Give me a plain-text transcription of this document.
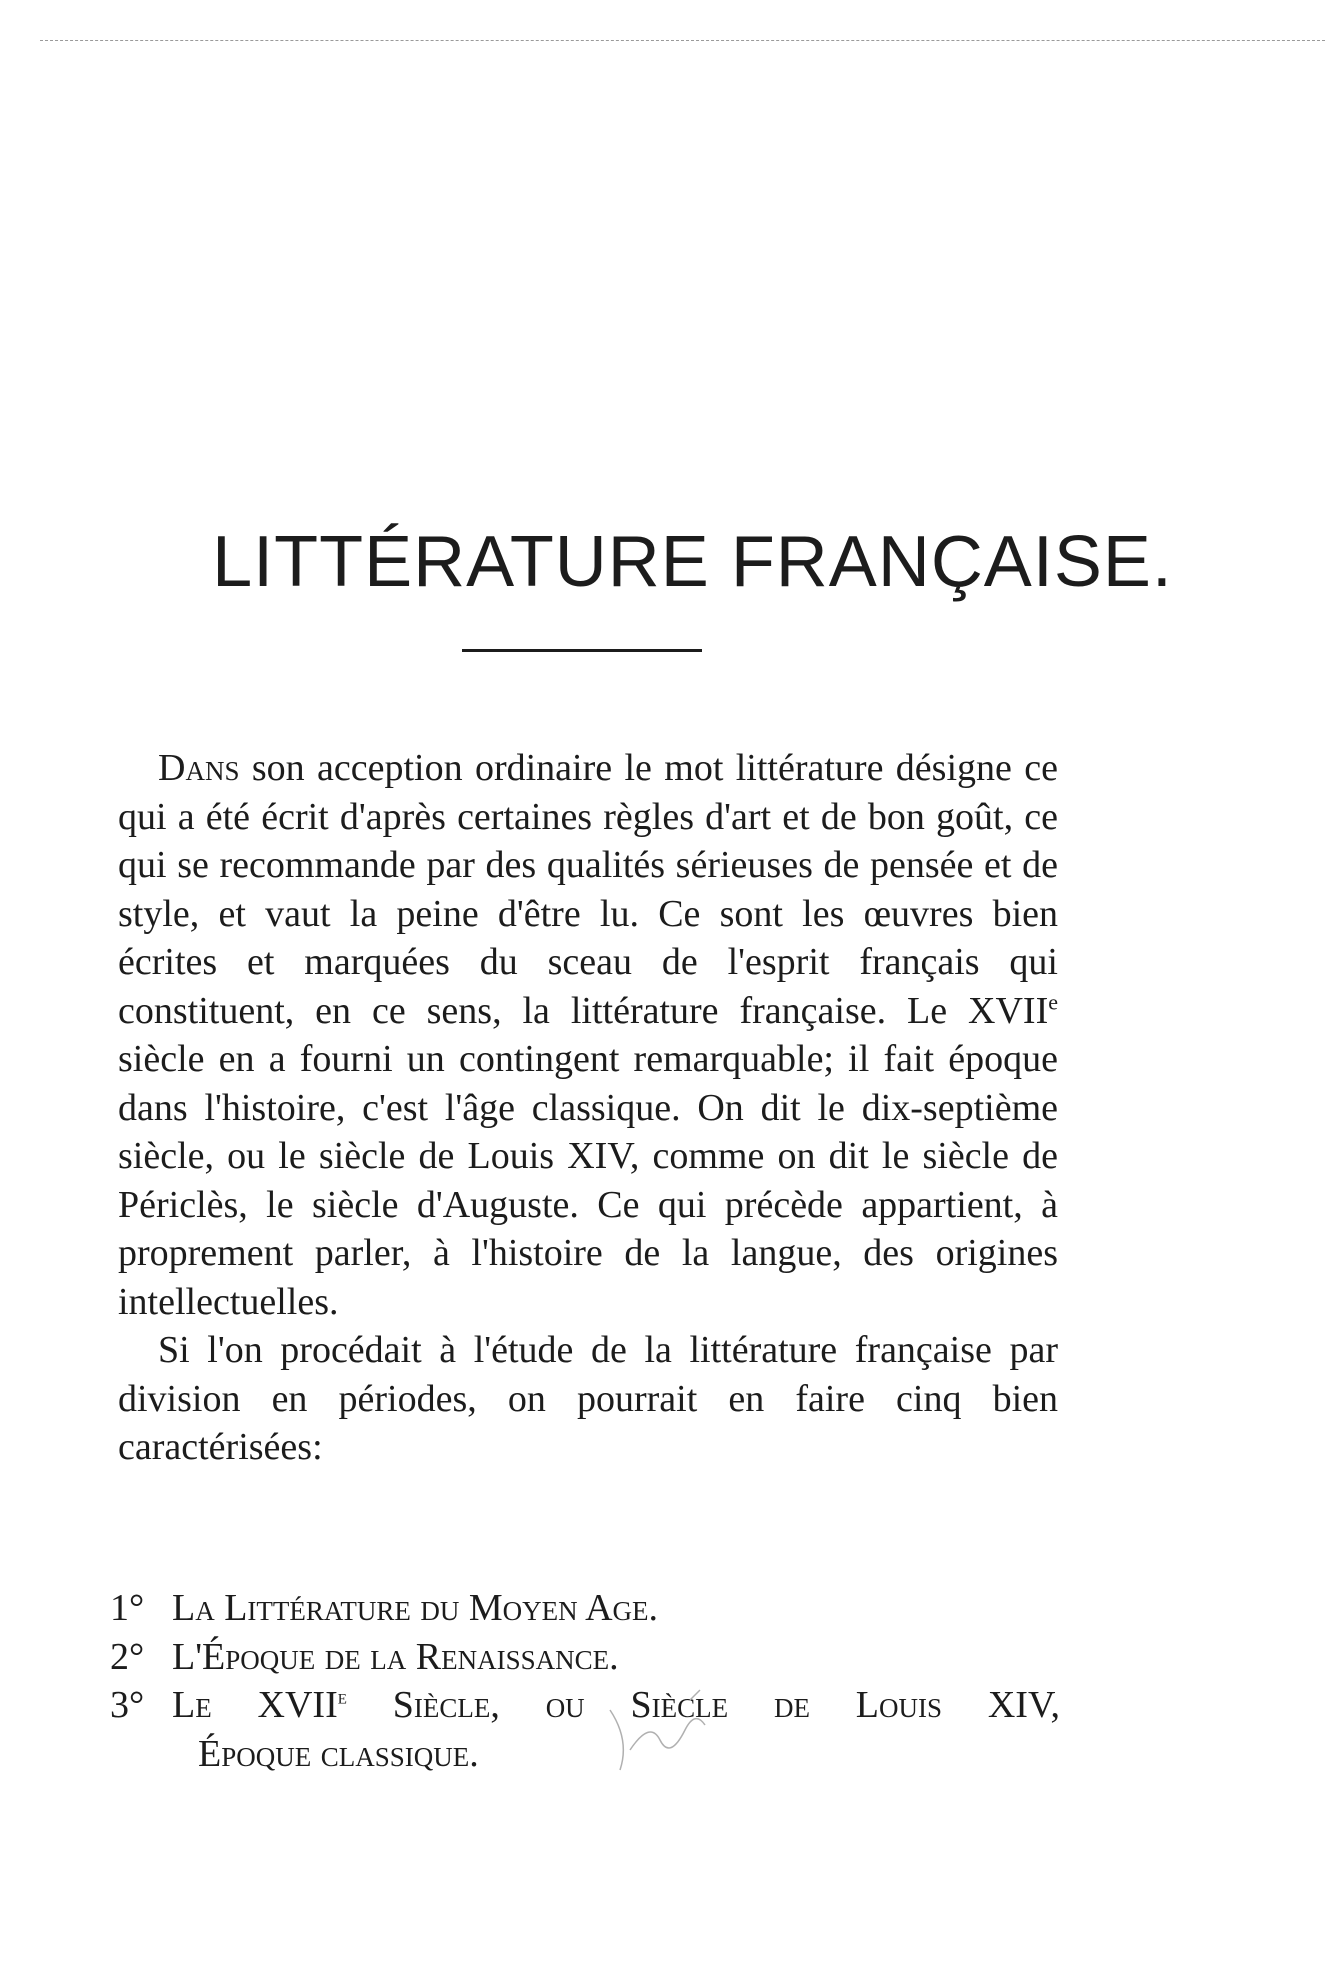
LITTÉRATURE FRANÇAISE.

Dans son acception ordinaire le mot littérature désigne ce qui a été écrit d'après certaines règles d'art et de bon goût, ce qui se recommande par des qualités sérieuses de pensée et de style, et vaut la peine d'être lu. Ce sont les œuvres bien écrites et marquées du sceau de l'esprit français qui constituent, en ce sens, la littérature française. Le XVIIe siècle en a fourni un contingent remarquable; il fait époque dans l'histoire, c'est l'âge classique. On dit le dix-septième siècle, ou le siècle de Louis XIV, comme on dit le siècle de Périclès, le siècle d'Auguste. Ce qui précède appartient, à proprement parler, à l'histoire de la langue, des origines intellectuelles.

Si l'on procédait à l'étude de la littérature française par division en périodes, on pourrait en faire cinq bien caractérisées:

1° La Littérature du Moyen Age.
2° L'Époque de la Renaissance.
3° Le XVIIe Siècle, ou Siècle de Louis XIV,
Époque classique.
